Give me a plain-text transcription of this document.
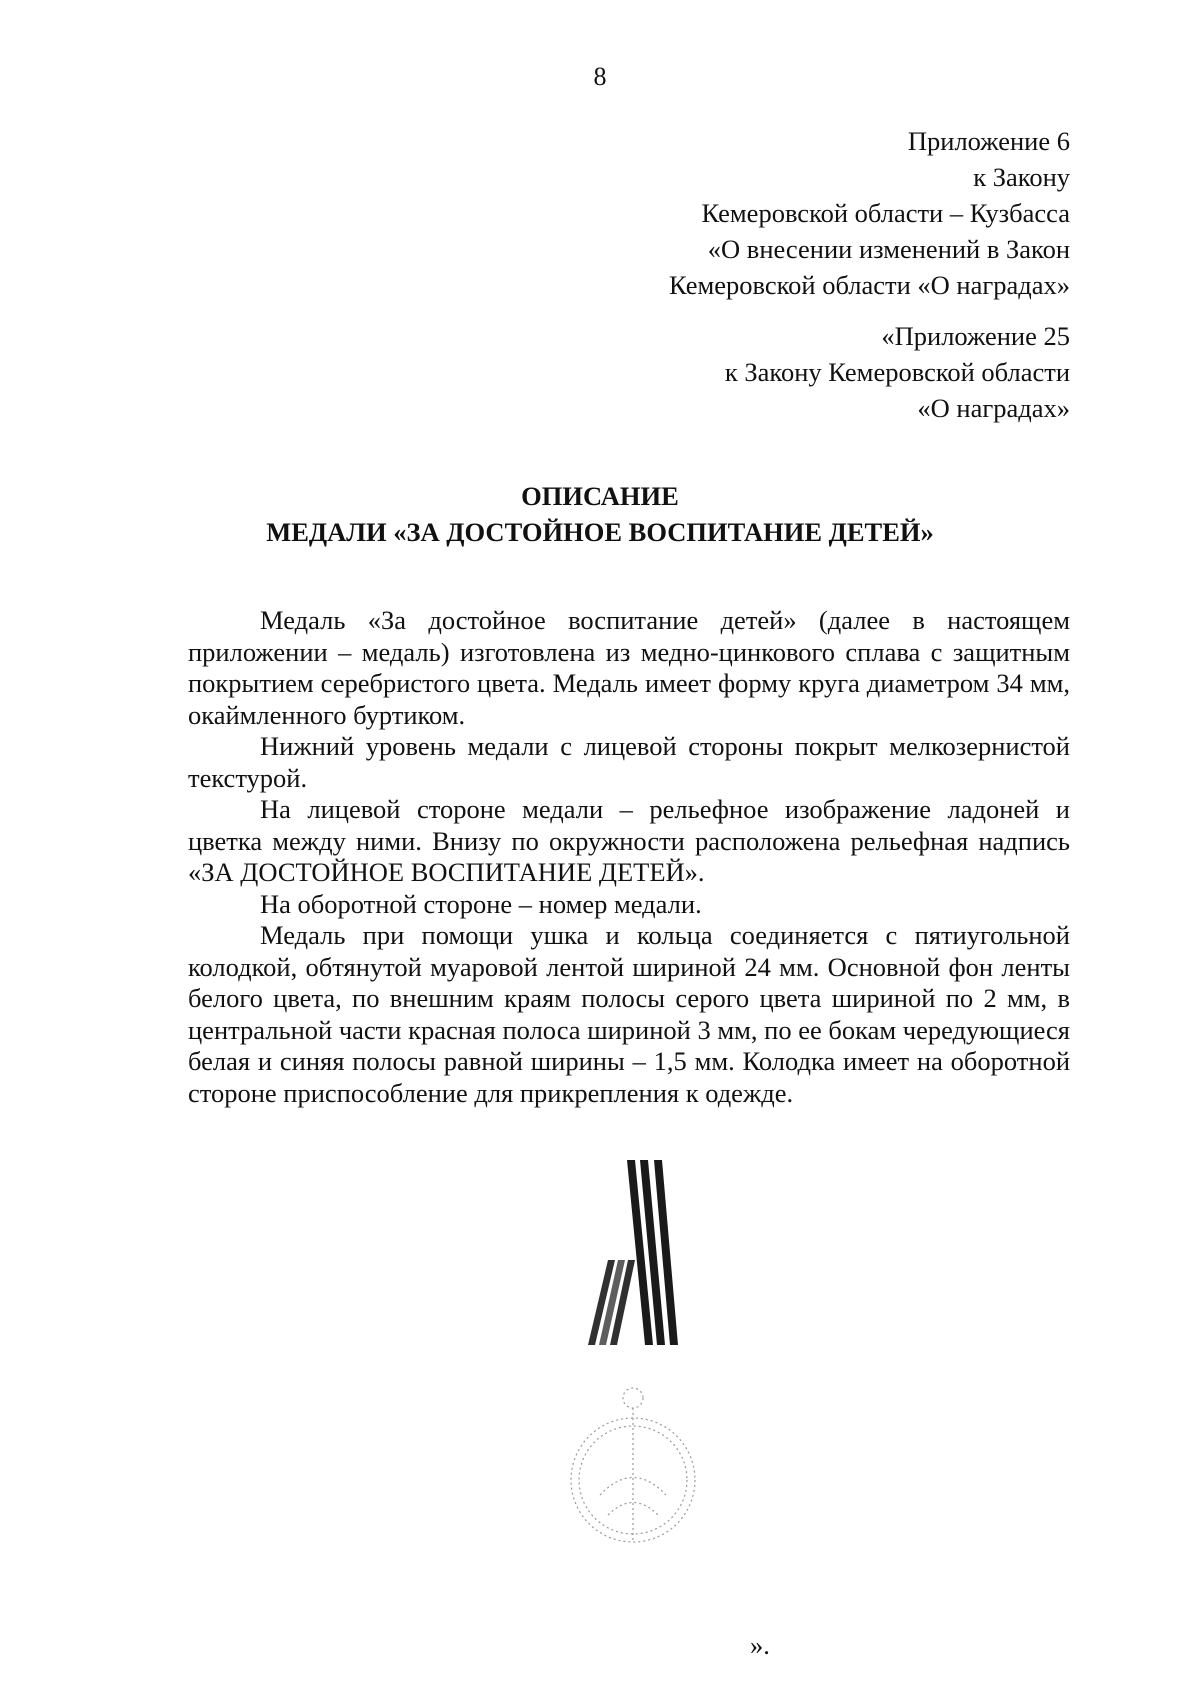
8
Приложение 6
к Закону
Кемеровской области – Кузбасса
«О внесении изменений в Закон
Кемеровской области «О наградах»
«Приложение 25
к Закону Кемеровской области
«О наградах»
ОПИСАНИЕ
МЕДАЛИ «ЗА ДОСТОЙНОЕ ВОСПИТАНИЕ ДЕТЕЙ»

Медаль «За достойное воспитание детей» (далее в настоящем приложении – медаль) изготовлена из медно-цинкового сплава с защитным покрытием серебристого цвета. Медаль имеет форму круга диаметром 34 мм, окаймленного буртиком.

Нижний уровень медали с лицевой стороны покрыт мелкозернистой текстурой.

На лицевой стороне медали – рельефное изображение ладоней и цветка между ними. Внизу по окружности расположена рельефная надпись «ЗА ДОСТОЙНОЕ ВОСПИТАНИЕ ДЕТЕЙ».

На оборотной стороне – номер медали.

Медаль при помощи ушка и кольца соединяется с пятиугольной колодкой, обтянутой муаровой лентой шириной 24 мм. Основной фон ленты белого цвета, по внешним краям полосы серого цвета шириной по 2 мм, в центральной части красная полоса шириной 3 мм, по ее бокам чередующиеся белая и синяя полосы равной ширины – 1,5 мм. Колодка имеет на оборотной стороне приспособление для прикрепления к одежде.

».
